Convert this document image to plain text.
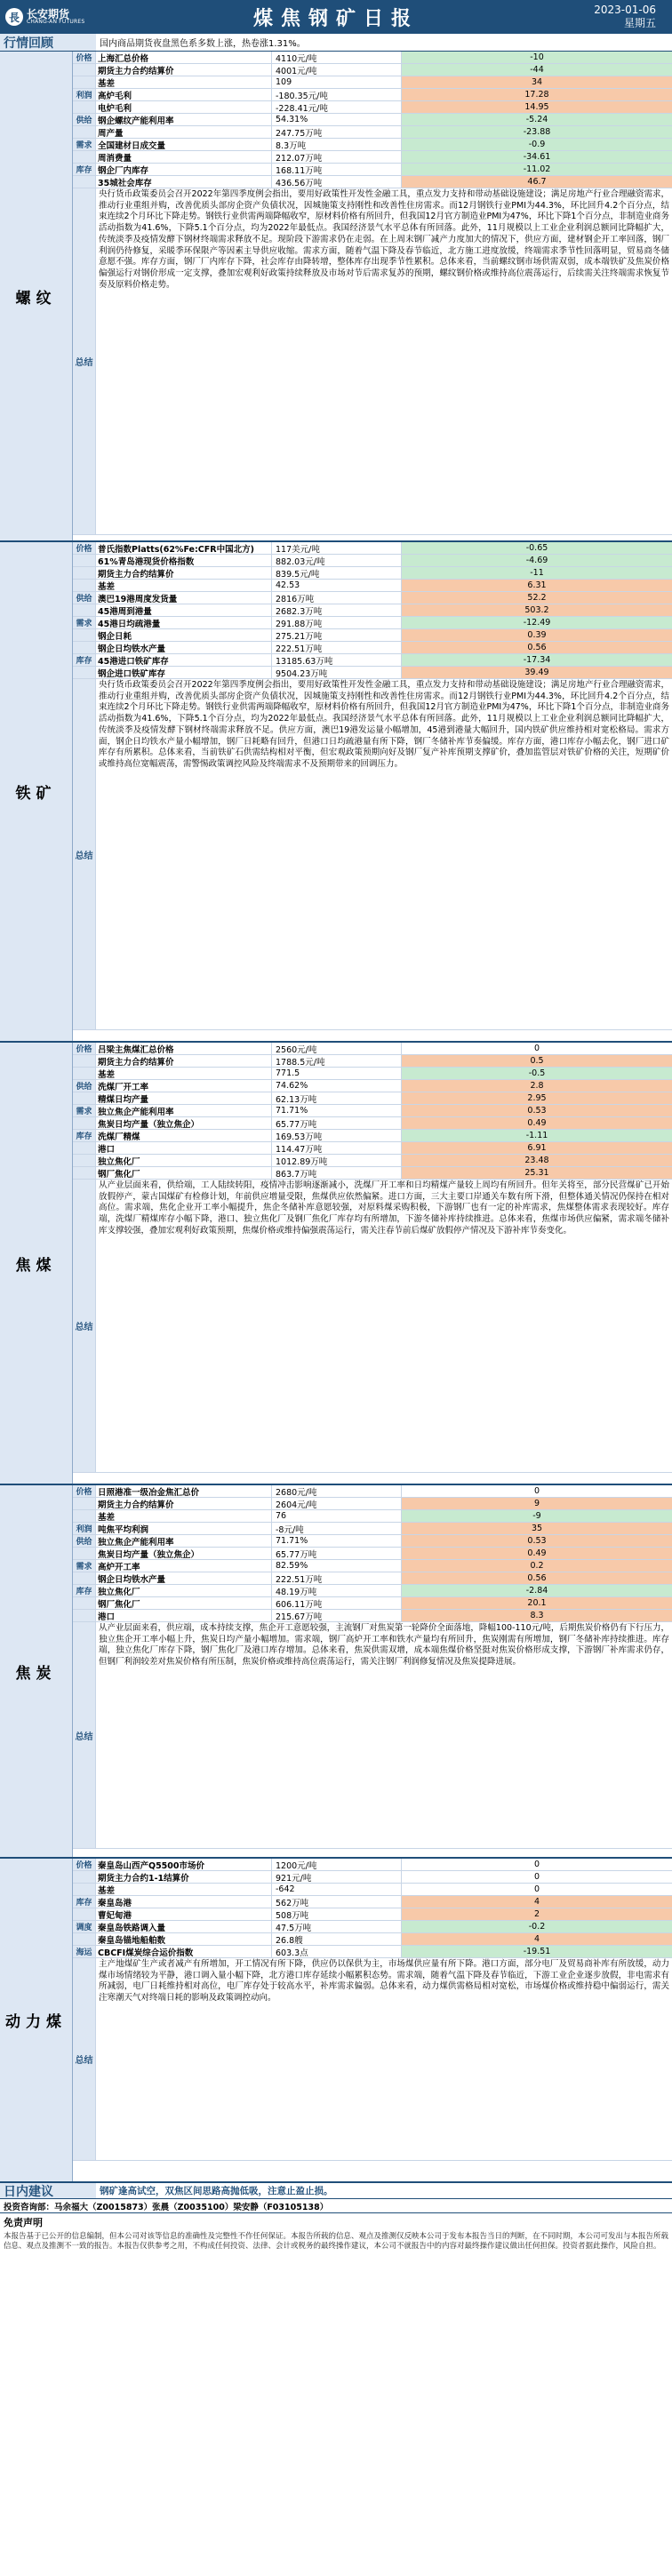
長 长安期货
CHANG-AN FUTURES	煤焦钢矿日报	2023-01-06
星期五
行情回顾	国内商品期货夜盘黑色系多数上涨，热卷涨1.31%。
螺纹
价格 上海汇总价格	4110元/吨	-10
期货主力合约结算价	4001元/吨	-44
基差	109	34
利润 高炉毛利	-180.35元/吨	17.28
电炉毛利	-228.41元/吨	14.95
供给 钢企螺纹产能利用率	54.31%	-5.24
周产量	247.75万吨	-23.88
需求 全国建材日成交量	8.3万吨	-0.9
周消费量	212.07万吨	-34.61
库存 钢企厂内库存	168.11万吨	-11.02
35城社会库存	436.56万吨	46.7
总结
央行货币政策委员会召开2022年第四季度例会指出，要用好政策性开发性金融工具，重点发力支持和带动基础设施建设；满足房地产行业合理融资需求，推动行业重组并购，改善优质头部房企资产负债状况，因城施策支持刚性和改善性住房需求。而12月钢铁行业PMI为44.3%，环比回升4.2个百分点，结束连续2个月环比下降走势。钢铁行业供需两端降幅收窄，原材料价格有所回升，但我国12月官方制造业PMI为47%，环比下降1个百分点，非制造业商务活动指数为41.6%，下降5.1个百分点，均为2022年最低点。我国经济景气水平总体有所回落。此外，11月规模以上工业企业利润总额同比降幅扩大，传统淡季及疫情发酵下钢材终端需求释放不足。现阶段下游需求仍在走弱。在上周末钢厂减产力度加大的情况下，供应方面，建材钢企开工率回落，钢厂利润仍待修复，采暖季环保限产等因素主导供应收缩。需求方面，随着气温下降及春节临近，北方施工进度放缓，终端需求季节性回落明显，贸易商冬储意愿不强。库存方面，钢厂厂内库存下降，社会库存由降转增，整体库存出现季节性累积。总体来看，当前螺纹钢市场供需双弱，成本端铁矿及焦炭价格偏强运行对钢价形成一定支撑，叠加宏观利好政策持续释放及市场对节后需求复苏的预期，螺纹钢价格或维持高位震荡运行，后续需关注终端需求恢复节奏及原料价格走势。
铁矿
价格 普氏指数Platts(62%Fe:CFR中国北方)	117美元/吨	-0.65
61%青岛港现货价格指数	882.03元/吨	-4.69
期货主力合约结算价	839.5元/吨	-11
基差	42.53	6.31
供给 澳巴19港周度发货量	2816万吨	52.2
45港周到港量	2682.3万吨	503.2
需求 45港日均疏港量	291.88万吨	-12.49
钢企日耗	275.21万吨	0.39
钢企日均铁水产量	222.51万吨	0.56
库存 45港进口铁矿库存	13185.63万吨	-17.34
钢企进口铁矿库存	9504.23万吨	39.49
总结
央行货币政策委员会召开2022年第四季度例会指出，要用好政策性开发性金融工具，重点发力支持和带动基础设施建设；满足房地产行业合理融资需求，推动行业重组并购，改善优质头部房企资产负债状况，因城施策支持刚性和改善性住房需求。而12月钢铁行业PMI为44.3%，环比回升4.2个百分点，结束连续2个月环比下降走势。钢铁行业供需两端降幅收窄，原材料价格有所回升，但我国12月官方制造业PMI为47%，环比下降1个百分点，非制造业商务活动指数为41.6%，下降5.1个百分点，均为2022年最低点。我国经济景气水平总体有所回落。此外，11月规模以上工业企业利润总额同比降幅扩大，传统淡季及疫情发酵下钢材终端需求释放不足。供应方面，澳巴19港发运量小幅增加，45港到港量大幅回升，国内铁矿供应维持相对宽松格局。需求方面，钢企日均铁水产量小幅增加，钢厂日耗略有回升，但港口日均疏港量有所下降，钢厂冬储补库节奏偏缓。库存方面，港口库存小幅去化，钢厂进口矿库存有所累积。总体来看，当前铁矿石供需结构相对平衡，但宏观政策预期向好及钢厂复产补库预期支撑矿价，叠加监管层对铁矿价格的关注，短期矿价或维持高位宽幅震荡，需警惕政策调控风险及终端需求不及预期带来的回调压力。
焦煤
价格 吕梁主焦煤汇总价格	2560元/吨	0
期货主力合约结算价	1788.5元/吨	0.5
基差	771.5	-0.5
供给 洗煤厂开工率	74.62%	2.8
精煤日均产量	62.13万吨	2.95
需求 独立焦企产能利用率	71.71%	0.53
焦炭日均产量（独立焦企）	65.77万吨	0.49
库存 洗煤厂精煤	169.53万吨	-1.11
港口	114.47万吨	6.91
独立焦化厂	1012.89万吨	23.48
钢厂焦化厂	863.7万吨	25.31
总结
从产业层面来看，供给端，工人陆续转阳，疫情冲击影响逐渐减小，洗煤厂开工率和日均精煤产量较上周均有所回升。但年关将至，部分民营煤矿已开始放假停产，蒙古国煤矿有检修计划，年前供应增量受限，焦煤供应依然偏紧。进口方面，三大主要口岸通关车数有所下滑，但整体通关情况仍保持在相对高位。需求端，焦化企业开工率小幅提升，焦企冬储补库意愿较强，对原料煤采购积极，下游钢厂也有一定的补库需求，焦煤整体需求表现较好。库存端，洗煤厂精煤库存小幅下降，港口、独立焦化厂及钢厂焦化厂库存均有所增加，下游冬储补库持续推进。总体来看，焦煤市场供应偏紧，需求端冬储补库支撑较强，叠加宏观利好政策预期，焦煤价格或维持偏强震荡运行，需关注春节前后煤矿放假停产情况及下游补库节奏变化。
焦炭
价格 日照港准一级冶金焦汇总价	2680元/吨	0
期货主力合约结算价	2604元/吨	9
基差	76	-9
利润 吨焦平均利润	-8元/吨	35
供给 独立焦企产能利用率	71.71%	0.53
焦炭日均产量（独立焦企）	65.77万吨	0.49
需求 高炉开工率	82.59%	0.2
钢企日均铁水产量	222.51万吨	0.56
库存 独立焦化厂	48.19万吨	-2.84
钢厂焦化厂	606.11万吨	20.1
港口	215.67万吨	8.3
总结
从产业层面来看，供应端，成本持续支撑，焦企开工意愿较强，主流钢厂对焦炭第一轮降价全面落地，降幅100-110元/吨，后期焦炭价格仍有下行压力，独立焦企开工率小幅上升，焦炭日均产量小幅增加。需求端，钢厂高炉开工率和铁水产量均有所回升，焦炭刚需有所增加，钢厂冬储补库持续推进。库存端，独立焦化厂库存下降，钢厂焦化厂及港口库存增加。总体来看，焦炭供需双增，成本端焦煤价格坚挺对焦炭价格形成支撑，下游钢厂补库需求仍存，但钢厂利润较差对焦炭价格有所压制，焦炭价格或维持高位震荡运行，需关注钢厂利润修复情况及焦炭提降进展。
动力煤
价格 秦皇岛山西产Q5500市场价	1200元/吨	0
期货主力合约1-1结算价	921元/吨	0
基差	-642	0
库存 秦皇岛港	562万吨	4
曹妃甸港	508万吨	2
调度 秦皇岛铁路调入量	47.5万吨	-0.2
秦皇岛锚地船舶数	26.8艘	4
海运 CBCFI煤炭综合运价指数	603.3点	-19.51
总结
主产地煤矿生产或者减产有所增加，开工情况有所下降，供应仍以保供为主，市场煤供应量有所下降。港口方面，部分电厂及贸易商补库有所放缓，动力煤市场情绪较为平静，港口调入量小幅下降，北方港口库存延续小幅累积态势。需求端，随着气温下降及春节临近，下游工业企业逐步放假，非电需求有所减弱，电厂日耗维持相对高位，电厂库存处于较高水平，补库需求偏弱。总体来看，动力煤供需格局相对宽松，市场煤价格或维持稳中偏弱运行，需关注寒潮天气对终端日耗的影响及政策调控动向。
日内建议	钢矿逢高试空，双焦区间思路高抛低吸，注意止盈止损。
投资咨询部：马余福大（Z0015873）张晨（Z0035100）梁安静（F03105138）
免责声明
本报告基于已公开的信息编制，但本公司对该等信息的准确性及完整性不作任何保证。本报告所载的信息、观点及推测仅反映本公司于发布本报告当日的判断，在不同时期，本公司可发出与本报告所载信息、观点及推测不一致的报告。本报告仅供参考之用，不构成任何投资、法律、会计或税务的最终操作建议，本公司不就报告中的内容对最终操作建议做出任何担保。投资者据此操作，风险自担。
